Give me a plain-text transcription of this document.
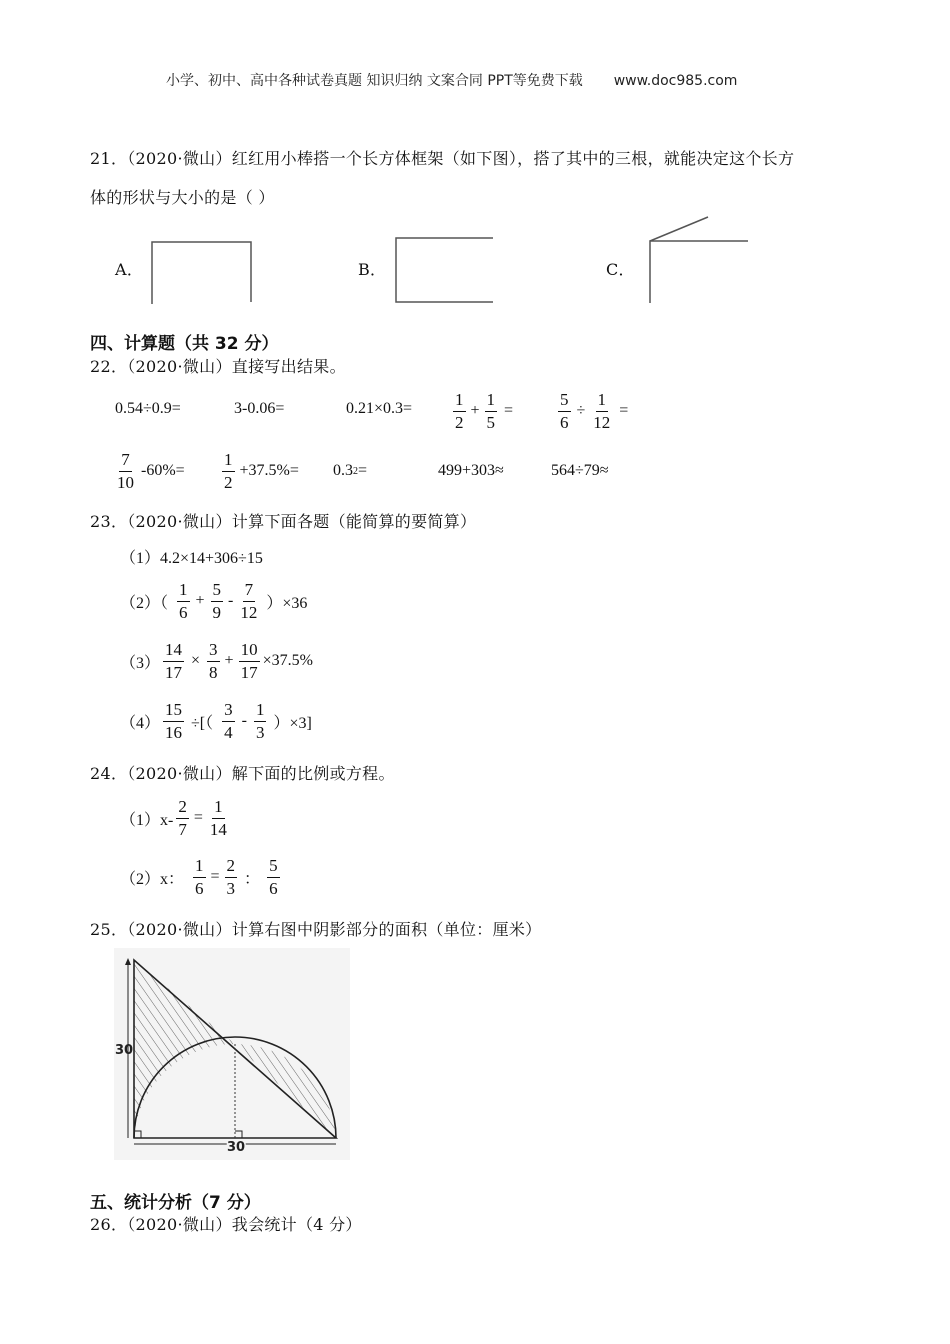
小学、初中、高中各种试卷真题 知识归纳 文案合同 PPT等免费下载 www.doc985.com
21．（2020·微山）红红用小棒搭一个长方体框架（如下图），搭了其中的三根，就能决定这个长方
体的形状与大小的是（ ）
A．	B．	C．
四、计算题（共 32 分）
22．（2020·微山）直接写出结果。
0.54÷0.9=	3-0.06=	$0.21\times 0.3= \frac{1}{2} + \frac{1}{5}$ =	$\frac{5}{6} \div \frac{1}{12}$ =
$\frac{7}{10} -60\%= \frac{1}{2} +37.5\%= 0.3$ 2 =	499+303≈	564÷79≈
23．（2020·微山）计算下面各题（能简算的要简算）
（1）4.2×14+306÷15
$(2)( \frac{1}{6} + \frac{5}{9} - \frac{7}{12} )\times 36$
$(3) \frac{14}{17} \times \frac{3}{8} + \frac{10}{17} \times 37.5\%$
$(4) \frac{15}{16}$ ÷[（ $\frac{3}{4} - \frac{1}{3} )\times 3$]
24．（2020·微山）解下面的比例或方程。
$(1)x- \frac{2}{7} = \frac{1}{14}$
（2）x： $\frac{1}{6} = \frac{2}{3}$ ： $\frac{5}{6}$
25．（2020·微山）计算右图中阴影部分的面积（单位：厘米）
30
30
五、统计分析（7 分）
26．（2020·微山）我会统计（4 分）
